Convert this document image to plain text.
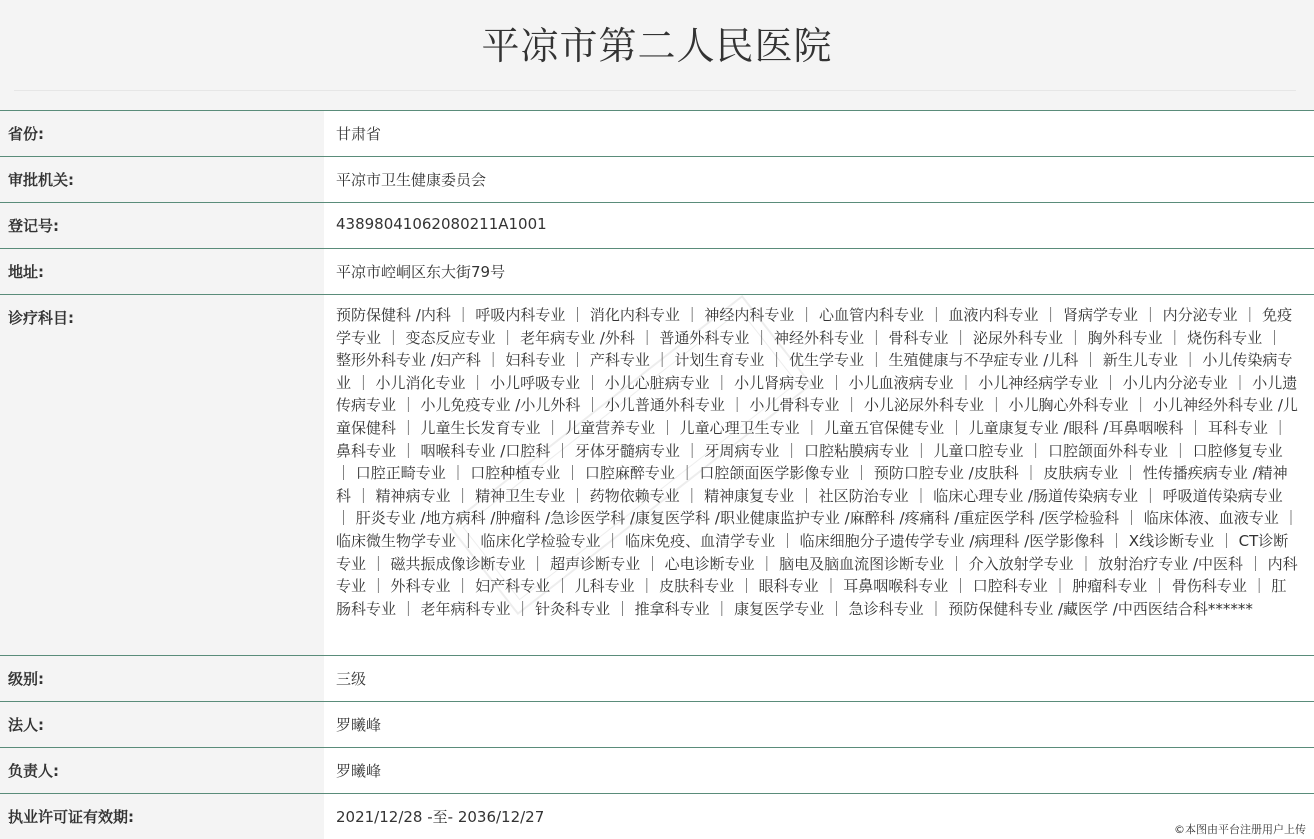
平凉市第二人民医院
省份:	甘肃省
审批机关:	平凉市卫生健康委员会
登记号:	43898041062080211A1001
地址:	平凉市崆峒区东大街79号
诊疗科目:	预防保健科 /内科 ｜ 呼吸内科专业 ｜ 消化内科专业 ｜ 神经内科专业 ｜ 心血管内科专业 ｜ 血液内科专业 ｜ 肾病学专业 ｜ 内分泌专业 ｜ 免疫学专业 ｜ 变态反应专业 ｜ 老年病专业 /外科 ｜ 普通外科专业 ｜ 神经外科专业 ｜ 骨科专业 ｜ 泌尿外科专业 ｜ 胸外科专业 ｜ 烧伤科专业 ｜ 整形外科专业 /妇产科 ｜ 妇科专业 ｜ 产科专业 ｜ 计划生育专业 ｜ 优生学专业 ｜ 生殖健康与不孕症专业 /儿科 ｜ 新生儿专业 ｜ 小儿传染病专业 ｜ 小儿消化专业 ｜ 小儿呼吸专业 ｜ 小儿心脏病专业 ｜ 小儿肾病专业 ｜ 小儿血液病专业 ｜ 小儿神经病学专业 ｜ 小儿内分泌专业 ｜ 小儿遗传病专业 ｜ 小儿免疫专业 /小儿外科 ｜ 小儿普通外科专业 ｜ 小儿骨科专业 ｜ 小儿泌尿外科专业 ｜ 小儿胸心外科专业 ｜ 小儿神经外科专业 /儿童保健科 ｜ 儿童生长发育专业 ｜ 儿童营养专业 ｜ 儿童心理卫生专业 ｜ 儿童五官保健专业 ｜ 儿童康复专业 /眼科 /耳鼻咽喉科 ｜ 耳科专业 ｜ 鼻科专业 ｜ 咽喉科专业 /口腔科 ｜ 牙体牙髓病专业 ｜ 牙周病专业 ｜ 口腔粘膜病专业 ｜ 儿童口腔专业 ｜ 口腔颌面外科专业 ｜ 口腔修复专业 ｜ 口腔正畸专业 ｜ 口腔种植专业 ｜ 口腔麻醉专业 ｜ 口腔颌面医学影像专业 ｜ 预防口腔专业 /皮肤科 ｜ 皮肤病专业 ｜ 性传播疾病专业 /精神科 ｜ 精神病专业 ｜ 精神卫生专业 ｜ 药物依赖专业 ｜ 精神康复专业 ｜ 社区防治专业 ｜ 临床心理专业 /肠道传染病专业 ｜ 呼吸道传染病专业 ｜ 肝炎专业 /地方病科 /肿瘤科 /急诊医学科 /康复医学科 /职业健康监护专业 /麻醉科 /疼痛科 /重症医学科 /医学检验科 ｜ 临床体液、血液专业 ｜ 临床微生物学专业 ｜ 临床化学检验专业 ｜ 临床免疫、血清学专业 ｜ 临床细胞分子遗传学专业 /病理科 /医学影像科 ｜ X线诊断专业 ｜ CT诊断专业 ｜ 磁共振成像诊断专业 ｜ 超声诊断专业 ｜ 心电诊断专业 ｜ 脑电及脑血流图诊断专业 ｜ 介入放射学专业 ｜ 放射治疗专业 /中医科 ｜ 内科专业 ｜ 外科专业 ｜ 妇产科专业 ｜ 儿科专业 ｜ 皮肤科专业 ｜ 眼科专业 ｜ 耳鼻咽喉科专业 ｜ 口腔科专业 ｜ 肿瘤科专业 ｜ 骨伤科专业 ｜ 肛肠科专业 ｜ 老年病科专业 ｜ 针灸科专业 ｜ 推拿科专业 ｜ 康复医学专业 ｜ 急诊科专业 ｜ 预防保健科专业 /藏医学 /中西医结合科******
级别:	三级
法人:	罗曦峰
负责人:	罗曦峰
执业许可证有效期:	2021/12/28 -至- 2036/12/27
©本图由平台注册用户上传
